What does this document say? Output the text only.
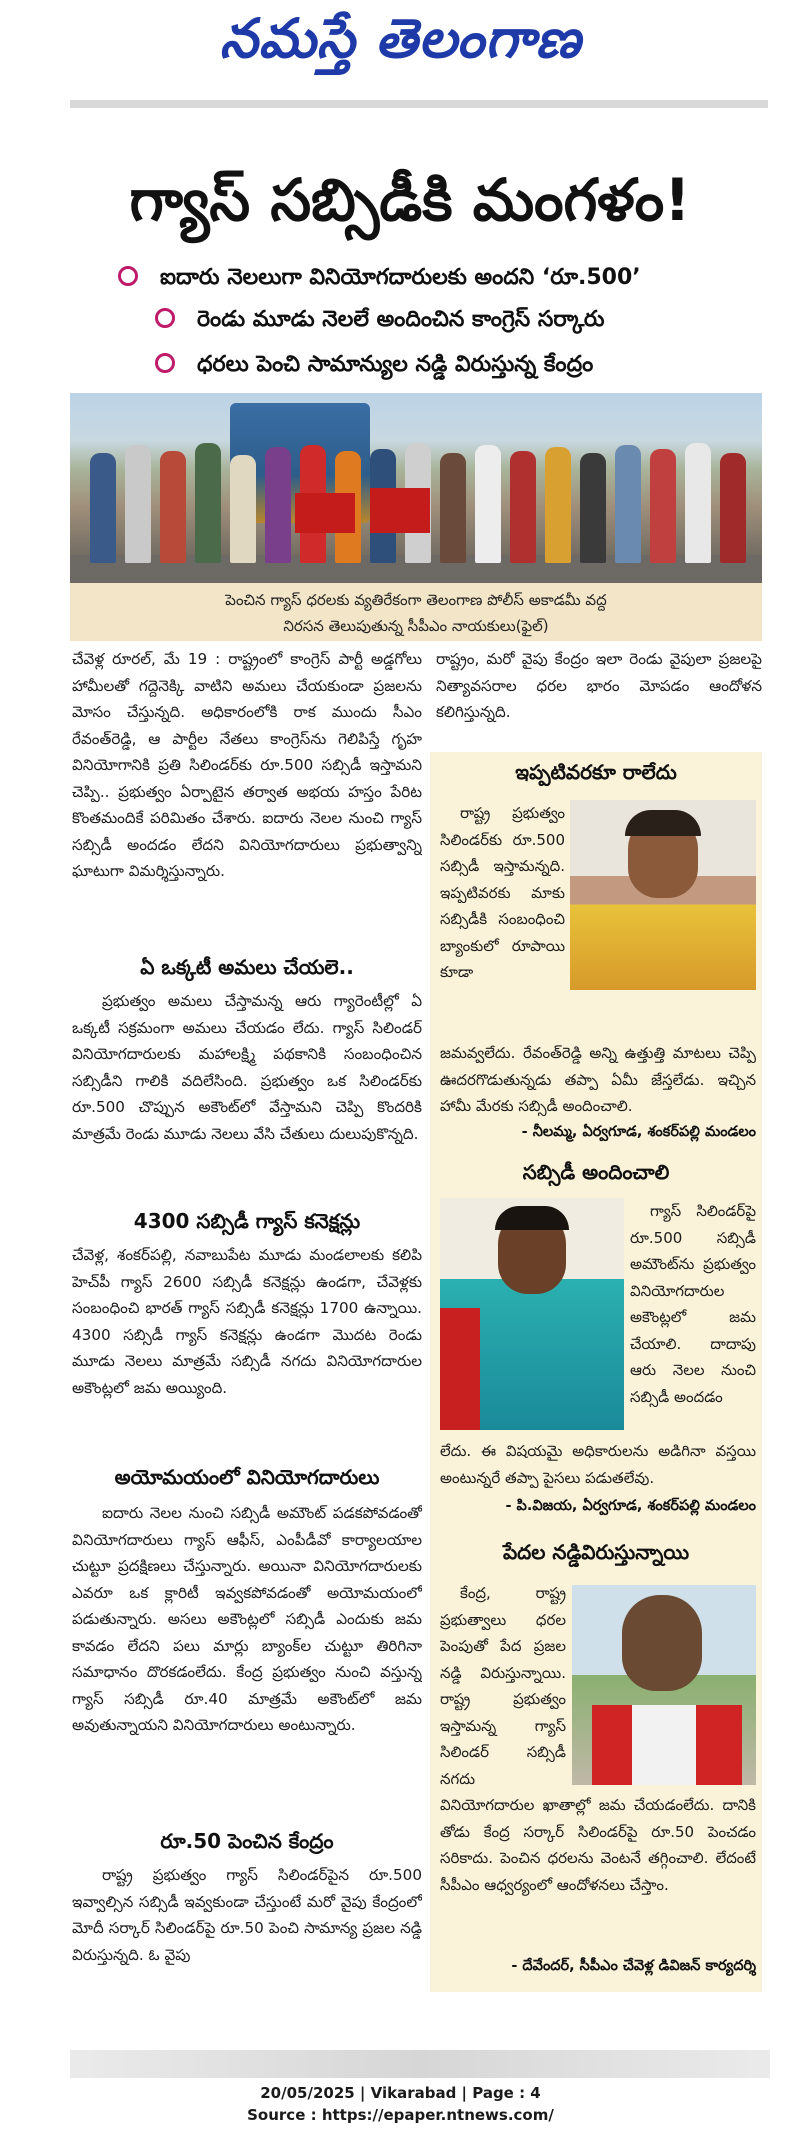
నమస్తే తెలంగాణ
గ్యాస్ సబ్సిడీకి మంగళం!
ఐదారు నెలలుగా వినియోగదారులకు అందని ‘రూ.500’
రెండు మూడు నెలలే అందించిన కాంగ్రెస్ సర్కారు
ధరలు పెంచి సామాన్యుల నడ్డి విరుస్తున్న కేంద్రం
పెంచిన గ్యాస్ ధరలకు వ్యతిరేకంగా తెలంగాణ పోలీస్ అకాడమీ వద్ద
నిరసన తెలుపుతున్న సీపీఎం నాయకులు(ఫైల్)
చేవెళ్ల రూరల్, మే 19 : రాష్ట్రంలో కాంగ్రెస్ పార్టీ అడ్డగోలు హామీలతో గద్దెనెక్కి వాటిని అమలు చేయకుండా ప్రజలను మోసం చేస్తున్నది. అధికారంలోకి రాక ముందు సీఎం రేవంత్‌రెడ్డి, ఆ పార్టీల నేతలు కాంగ్రెస్‌ను గెలిపిస్తే గృహ వినియోగానికి ప్రతి సిలిండర్‌కు రూ.500 సబ్సిడీ ఇస్తామని చెప్పి.. ప్రభుత్వం ఏర్పాటైన తర్వాత అభయ హస్తం పేరిట కొంతమందికే పరిమితం చేశారు. ఐదారు నెలల నుంచి గ్యాస్ సబ్సిడీ అందడం లేదని వినియోగదారులు ప్రభుత్వాన్ని ఘాటుగా విమర్శిస్తున్నారు.
ఏ ఒక్కటీ అమలు చేయలె..
ప్రభుత్వం అమలు చేస్తామన్న ఆరు గ్యారెంటీల్లో ఏ ఒక్కటీ సక్రమంగా అమలు చేయడం లేదు. గ్యాస్ సిలిండర్ వినియోగదారులకు మహాలక్ష్మి పథకానికి సంబంధించిన సబ్సిడీని గాలికి వదిలేసింది. ప్రభుత్వం ఒక సిలిండర్‌కు రూ.500 చొప్పున అకౌంట్‌లో వేస్తామని చెప్పి కొందరికి మాత్రమే రెండు మూడు నెలలు వేసి చేతులు దులుపుకొన్నది.
4300 సబ్సిడీ గ్యాస్ కనెక్షన్లు
చేవెళ్ల, శంకర్‌పల్లి, నవాబుపేట మూడు మండలాలకు కలిపి హెచ్‌పీ గ్యాస్ 2600 సబ్సిడీ కనెక్షన్లు ఉండగా, చేవెళ్లకు సంబంధించి భారత్ గ్యాస్ సబ్సిడీ కనెక్షన్లు 1700 ఉన్నాయి. 4300 సబ్సిడీ గ్యాస్ కనెక్షన్లు ఉండగా మొదట రెండు మూడు నెలలు మాత్రమే సబ్సిడీ నగదు వినియోగదారుల అకౌంట్లలో జమ అయ్యింది.
అయోమయంలో వినియోగదారులు
ఐదారు నెలల నుంచి సబ్సిడీ అమౌంట్ పడకపోవడంతో వినియోగదారులు గ్యాస్ ఆఫీస్, ఎంపీడీవో కార్యాలయాల చుట్టూ ప్రదక్షిణలు చేస్తున్నారు. అయినా వినియోగదారులకు ఎవరూ ఒక క్లారిటీ ఇవ్వకపోవడంతో అయోమయంలో పడుతున్నారు. అసలు అకౌంట్లలో సబ్సిడీ ఎందుకు జమ కావడం లేదని పలు మార్లు బ్యాంక్‌ల చుట్టూ తిరిగినా సమాధానం దొరకడంలేదు. కేంద్ర ప్రభుత్వం నుంచి వస్తున్న గ్యాస్ సబ్సిడీ రూ.40 మాత్రమే అకౌంట్‌లో జమ అవుతున్నాయని వినియోగదారులు అంటున్నారు.
రూ.50 పెంచిన కేంద్రం
రాష్ట్ర ప్రభుత్వం గ్యాస్ సిలిండర్‌పైన రూ.500 ఇవ్వాల్సిన సబ్సిడీ ఇవ్వకుండా చేస్తుంటే మరో వైపు కేంద్రంలో మోదీ సర్కార్ సిలిండర్‌పై రూ.50 పెంచి సామాన్య ప్రజల నడ్డి విరుస్తున్నది. ఓ వైపు
రాష్ట్రం, మరో వైపు కేంద్రం ఇలా రెండు వైపులా ప్రజలపై నిత్యావసరాల ధరల భారం మోపడం ఆందోళన కలిగిస్తున్నది.
ఇప్పటివరకూ రాలేదు
రాష్ట్ర ప్రభుత్వం సిలిండర్‌కు రూ.500 సబ్సిడీ ఇస్తామన్నది. ఇప్పటివరకు మాకు సబ్సిడీకి సంబంధించి బ్యాంకులో రూపాయి కూడా
జమవ్వలేదు. రేవంత్‌రెడ్డి అన్ని ఉత్తుత్తి మాటలు చెప్పి ఊదరగొడుతున్నడు తప్పా ఏమీ జేస్తలేడు. ఇచ్చిన హామీ మేరకు సబ్సిడీ అందించాలి.
- నీలమ్మ, ఏర్వగూడ, శంకర్‌పల్లి మండలం
సబ్సిడీ అందించాలి
గ్యాస్ సిలిండర్‌పై రూ.500 సబ్సిడీ అమౌంట్‌ను ప్రభుత్వం వినియోగదారుల అకౌంట్లలో జమ చేయాలి. దాదాపు ఆరు నెలల నుంచి సబ్సిడీ అందడం
లేదు. ఈ విషయమై అధికారులను అడిగినా వస్తయి అంటున్నరే తప్పా పైసలు పడుతలేవు.
- పి.విజయ, ఏర్వగూడ, శంకర్‌పల్లి మండలం
పేదల నడ్డివిరుస్తున్నాయి
కేంద్ర, రాష్ట్ర ప్రభుత్వాలు ధరల పెంపుతో పేద ప్రజల నడ్డి విరుస్తున్నాయి. రాష్ట్ర ప్రభుత్వం ఇస్తామన్న గ్యాస్ సిలిండర్ సబ్సిడీ నగదు
వినియోగదారుల ఖాతాల్లో జమ చేయడంలేదు. దానికి తోడు కేంద్ర సర్కార్ సిలిండర్‌పై రూ.50 పెంచడం సరికాదు. పెంచిన ధరలను వెంటనే తగ్గించాలి. లేదంటే సీపీఎం ఆధ్వర్యంలో ఆందోళనలు చేస్తాం.
- దేవేందర్, సీపీఎం చేవెళ్ల డివిజన్ కార్యదర్శి
20/05/2025 | Vikarabad | Page : 4
Source : https://epaper.ntnews.com/
